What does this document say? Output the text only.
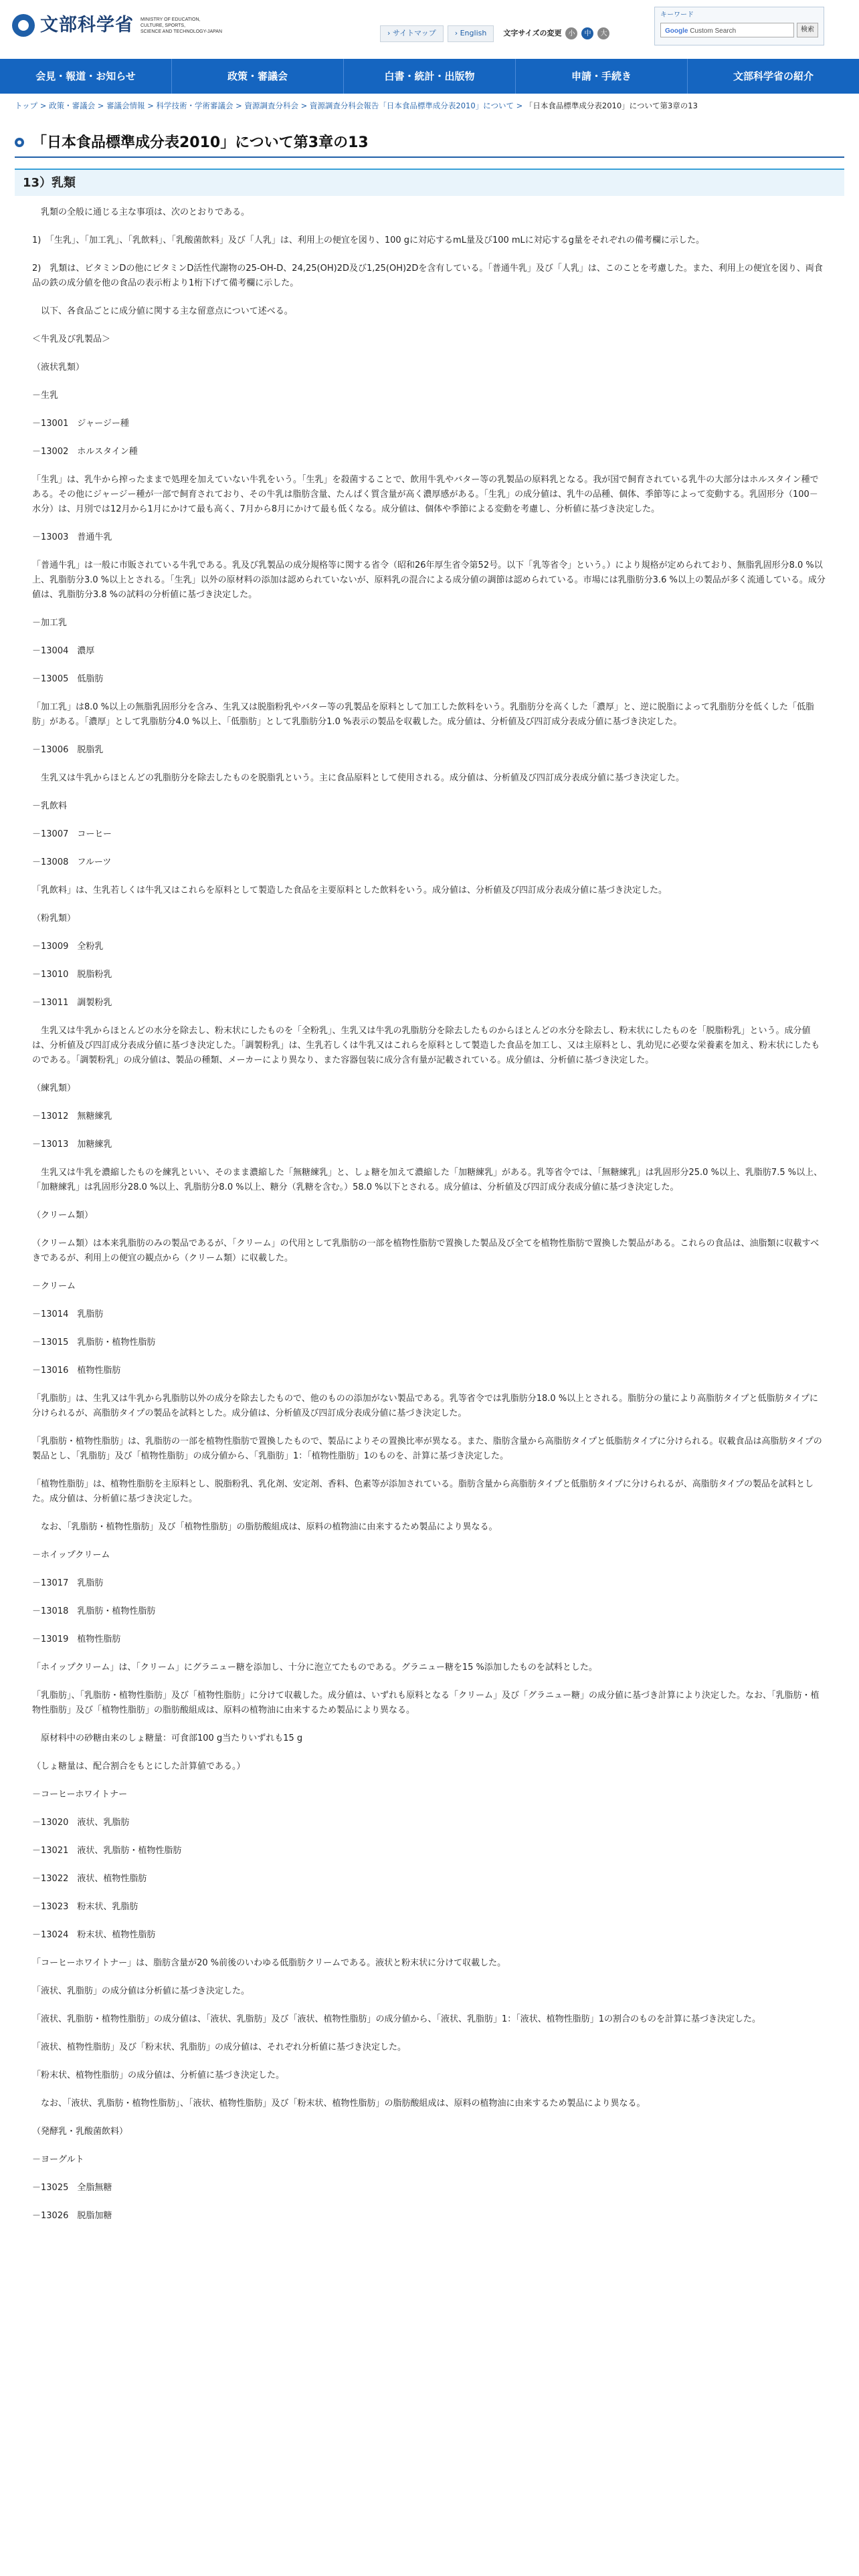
文部科学省 MINISTRY OF EDUCATION,
CULTURE, SPORTS,
SCIENCE AND TECHNOLOGY-JAPAN	› サイトマップ	› English	文字サイズの変更	小	中	大
キーワード
Google Custom Search	検索
会見・報道・お知らせ	政策・審議会	白書・統計・出版物	申請・手続き	文部科学省の紹介
トップ > 政策・審議会 > 審議会情報 > 科学技術・学術審議会 > 資源調査分科会 > 資源調査分科会報告「日本食品標準成分表2010」について > 「日本食品標準成分表2010」について第3章の13
「日本食品標準成分表2010」について第3章の13
13）乳類

乳類の全般に通じる主な事項は、次のとおりである。

1)　「生乳」、「加工乳」、「乳飲料」、「乳酸菌飲料」及び「人乳」は、利用上の便宜を図り、100 gに対応するmL量及び100 mLに対応するg量をそれぞれの備考欄に示した。

2)　乳類は、ビタミンDの他にビタミンD活性代謝物の25-OH-D、24,25(OH)2D及び1,25(OH)2Dを含有している。「普通牛乳」及び「人乳」は、このことを考慮した。また、利用上の便宜を図り、両食品の鉄の成分値を他の食品の表示桁より1桁下げて備考欄に示した。

以下、各食品ごとに成分値に関する主な留意点について述べる。

＜牛乳及び乳製品＞

（液状乳類）

－生乳

－13001　ジャージー種

－13002　ホルスタイン種

「生乳」は、乳牛から搾ったままで処理を加えていない牛乳をいう。「生乳」を殺菌することで、飲用牛乳やバター等の乳製品の原料乳となる。我が国で飼育されている乳牛の大部分はホルスタイン種である。その他にジャージー種が一部で飼育されており、その牛乳は脂肪含量、たんぱく質含量が高く濃厚感がある。「生乳」の成分値は、乳牛の品種、個体、季節等によって変動する。乳固形分（100－水分）は、月別では12月から1月にかけて最も高く、7月から8月にかけて最も低くなる。成分値は、個体や季節による変動を考慮し、分析値に基づき決定した。

－13003　普通牛乳

「普通牛乳」は一般に市販されている牛乳である。乳及び乳製品の成分規格等に関する省令（昭和26年厚生省令第52号。以下「乳等省令」という。）により規格が定められており、無脂乳固形分8.0 %以上、乳脂肪分3.0 %以上とされる。「生乳」以外の原材料の添加は認められていないが、原料乳の混合による成分値の調節は認められている。市場には乳脂肪分3.6 %以上の製品が多く流通している。成分値は、乳脂肪分3.8 %の試料の分析値に基づき決定した。

－加工乳

－13004　濃厚

－13005　低脂肪

「加工乳」は8.0 %以上の無脂乳固形分を含み、生乳又は脱脂粉乳やバター等の乳製品を原料として加工した飲料をいう。乳脂肪分を高くした「濃厚」と、逆に脱脂によって乳脂肪分を低くした「低脂肪」がある。「濃厚」として乳脂肪分4.0 %以上、「低脂肪」として乳脂肪分1.0 %表示の製品を収載した。成分値は、分析値及び四訂成分表成分値に基づき決定した。

－13006　脱脂乳

生乳又は牛乳からほとんどの乳脂肪分を除去したものを脱脂乳という。主に食品原料として使用される。成分値は、分析値及び四訂成分表成分値に基づき決定した。

－乳飲料

－13007　コーヒー

－13008　フルーツ

「乳飲料」は、生乳若しくは牛乳又はこれらを原料として製造した食品を主要原料とした飲料をいう。成分値は、分析値及び四訂成分表成分値に基づき決定した。

（粉乳類）

－13009　全粉乳

－13010　脱脂粉乳

－13011　調製粉乳

生乳又は牛乳からほとんどの水分を除去し、粉末状にしたものを「全粉乳」、生乳又は牛乳の乳脂肪分を除去したものからほとんどの水分を除去し、粉末状にしたものを「脱脂粉乳」という。成分値は、分析値及び四訂成分表成分値に基づき決定した。「調製粉乳」は、生乳若しくは牛乳又はこれらを原料として製造した食品を加工し、又は主原料とし、乳幼児に必要な栄養素を加え、粉末状にしたものである。「調製粉乳」の成分値は、製品の種類、メーカーにより異なり、また容器包装に成分含有量が記載されている。成分値は、分析値に基づき決定した。

（練乳類）

－13012　無糖練乳

－13013　加糖練乳

生乳又は牛乳を濃縮したものを練乳といい、そのまま濃縮した「無糖練乳」と、しょ糖を加えて濃縮した「加糖練乳」がある。乳等省令では、「無糖練乳」は乳固形分25.0 %以上、乳脂肪7.5 %以上、「加糖練乳」は乳固形分28.0 %以上、乳脂肪分8.0 %以上、糖分（乳糖を含む。）58.0 %以下とされる。成分値は、分析値及び四訂成分表成分値に基づき決定した。

（クリーム類）

（クリーム類）は本来乳脂肪のみの製品であるが、「クリーム」の代用として乳脂肪の一部を植物性脂肪で置換した製品及び全てを植物性脂肪で置換した製品がある。これらの食品は、油脂類に収載すべきであるが、利用上の便宜の観点から（クリーム類）に収載した。

－クリーム

－13014　乳脂肪

－13015　乳脂肪・植物性脂肪

－13016　植物性脂肪

「乳脂肪」は、生乳又は牛乳から乳脂肪以外の成分を除去したもので、他のものの添加がない製品である。乳等省令では乳脂肪分18.0 %以上とされる。脂肪分の量により高脂肪タイプと低脂肪タイプに分けられるが、高脂肪タイプの製品を試料とした。成分値は、分析値及び四訂成分表成分値に基づき決定した。

「乳脂肪・植物性脂肪」は、乳脂肪の一部を植物性脂肪で置換したもので、製品によりその置換比率が異なる。また、脂肪含量から高脂肪タイプと低脂肪タイプに分けられる。収載食品は高脂肪タイプの製品とし、「乳脂肪」及び「植物性脂肪」の成分値から、「乳脂肪」1：「植物性脂肪」1のものを、計算に基づき決定した。

「植物性脂肪」は、植物性脂肪を主原料とし、脱脂粉乳、乳化剤、安定剤、香料、色素等が添加されている。脂肪含量から高脂肪タイプと低脂肪タイプに分けられるが、高脂肪タイプの製品を試料とした。成分値は、分析値に基づき決定した。

なお、「乳脂肪・植物性脂肪」及び「植物性脂肪」の脂肪酸組成は、原料の植物油に由来するため製品により異なる。

－ホイップクリーム

－13017　乳脂肪

－13018　乳脂肪・植物性脂肪

－13019　植物性脂肪

「ホイップクリーム」は、「クリーム」にグラニュー糖を添加し、十分に泡立てたものである。グラニュー糖を15 %添加したものを試料とした。

「乳脂肪」、「乳脂肪・植物性脂肪」及び「植物性脂肪」に分けて収載した。成分値は、いずれも原料となる「クリーム」及び「グラニュー糖」の成分値に基づき計算により決定した。なお、「乳脂肪・植物性脂肪」及び「植物性脂肪」の脂肪酸組成は、原料の植物油に由来するため製品により異なる。

原材料中の砂糖由来のしょ糖量：可食部100 g当たりいずれも15 g

（しょ糖量は、配合割合をもとにした計算値である。）

－コーヒーホワイトナー

－13020　液状、乳脂肪

－13021　液状、乳脂肪・植物性脂肪

－13022　液状、植物性脂肪

－13023　粉末状、乳脂肪

－13024　粉末状、植物性脂肪

「コーヒーホワイトナー」は、脂肪含量が20 %前後のいわゆる低脂肪クリームである。液状と粉末状に分けて収載した。

「液状、乳脂肪」の成分値は分析値に基づき決定した。

「液状、乳脂肪・植物性脂肪」の成分値は、「液状、乳脂肪」及び「液状、植物性脂肪」の成分値から、「液状、乳脂肪」1：「液状、植物性脂肪」1の割合のものを計算に基づき決定した。

「液状、植物性脂肪」及び「粉末状、乳脂肪」の成分値は、それぞれ分析値に基づき決定した。

「粉末状、植物性脂肪」の成分値は、分析値に基づき決定した。

なお、「液状、乳脂肪・植物性脂肪」、「液状、植物性脂肪」及び「粉末状、植物性脂肪」の脂肪酸組成は、原料の植物油に由来するため製品により異なる。

（発酵乳・乳酸菌飲料）

－ヨーグルト

－13025　全脂無糖

－13026　脱脂加糖
